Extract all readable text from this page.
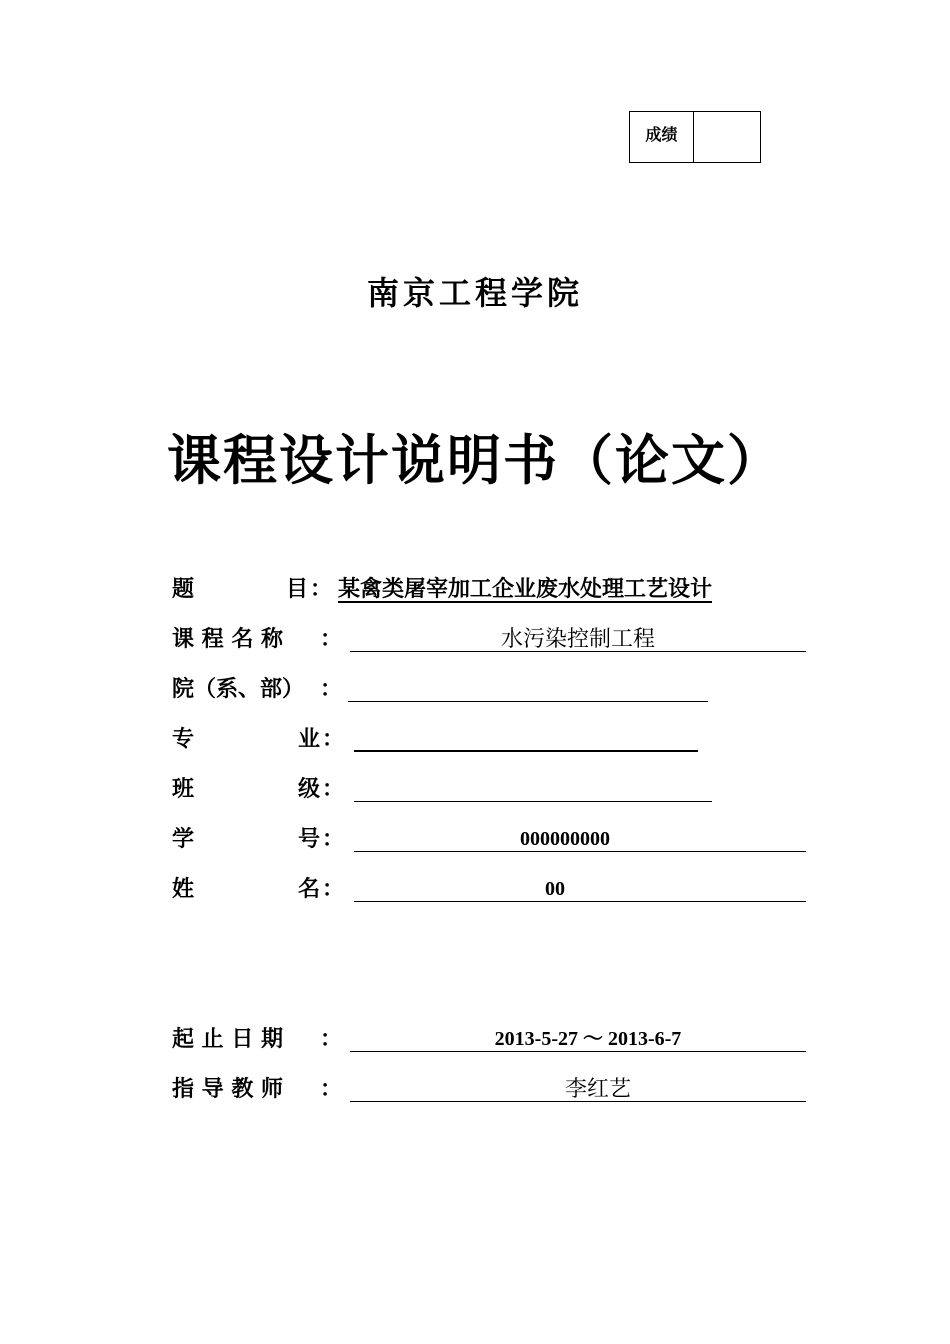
成绩
南京工程学院
课程设计说明书（论文）
题	目 ： 某禽类屠宰加工企业废水处理工艺设计
课 程 名 称 ：	水污染控制工程
院（系、部） ：
专	业 ：
班	级 ：
学	号 ：	000000000
姓	名 ：	00
起 止 日 期 ：	2013-5-27 ～ 2013-6-7
指 导 教 师 ：	李红艺
